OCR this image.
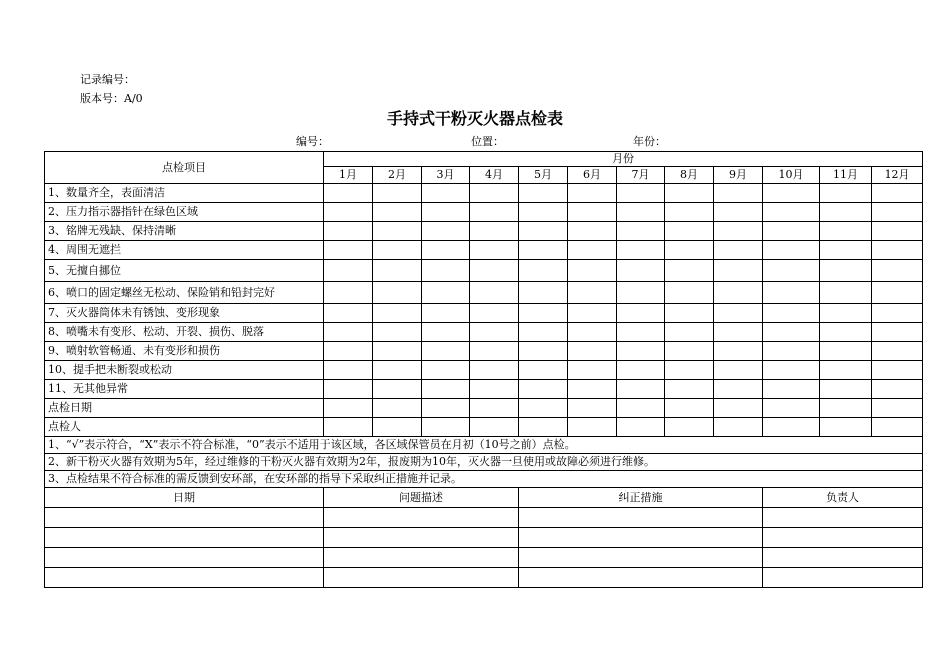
记录编号：
版本号：A/0
手持式干粉灭火器点检表
编号：	位置：	年份：
点检项目	月份											
	1月	2月	3月	4月	5月	6月	7月	8月	9月	10月	11月	12月
1、数量齐全，表面清洁												
2、压力指示器指针在绿色区域												
3、铭牌无残缺、保持清晰												
4、周围无遮拦												
5、无擅自挪位												
6、喷口的固定螺丝无松动、保险销和铅封完好												
7、灭火器筒体未有锈蚀、变形现象												
8、喷嘴未有变形、松动、开裂、损伤、脱落												
9、喷射软管畅通、未有变形和损伤												
10、提手把未断裂或松动												
11、无其他异常												
点检日期												
点检人												
1、“√”表示符合，“X”表示不符合标准，“0”表示不适用于该区域，各区域保管员在月初（10号之前）点检。												
2、新干粉灭火器有效期为5年，经过维修的干粉灭火器有效期为2年，报废期为10年，灭火器一旦使用或故障必须进行维修。												
3、点检结果不符合标准的需反馈到安环部，在安环部的指导下采取纠正措施并记录。												
日期	问题描述				纠正措施					负责人		
